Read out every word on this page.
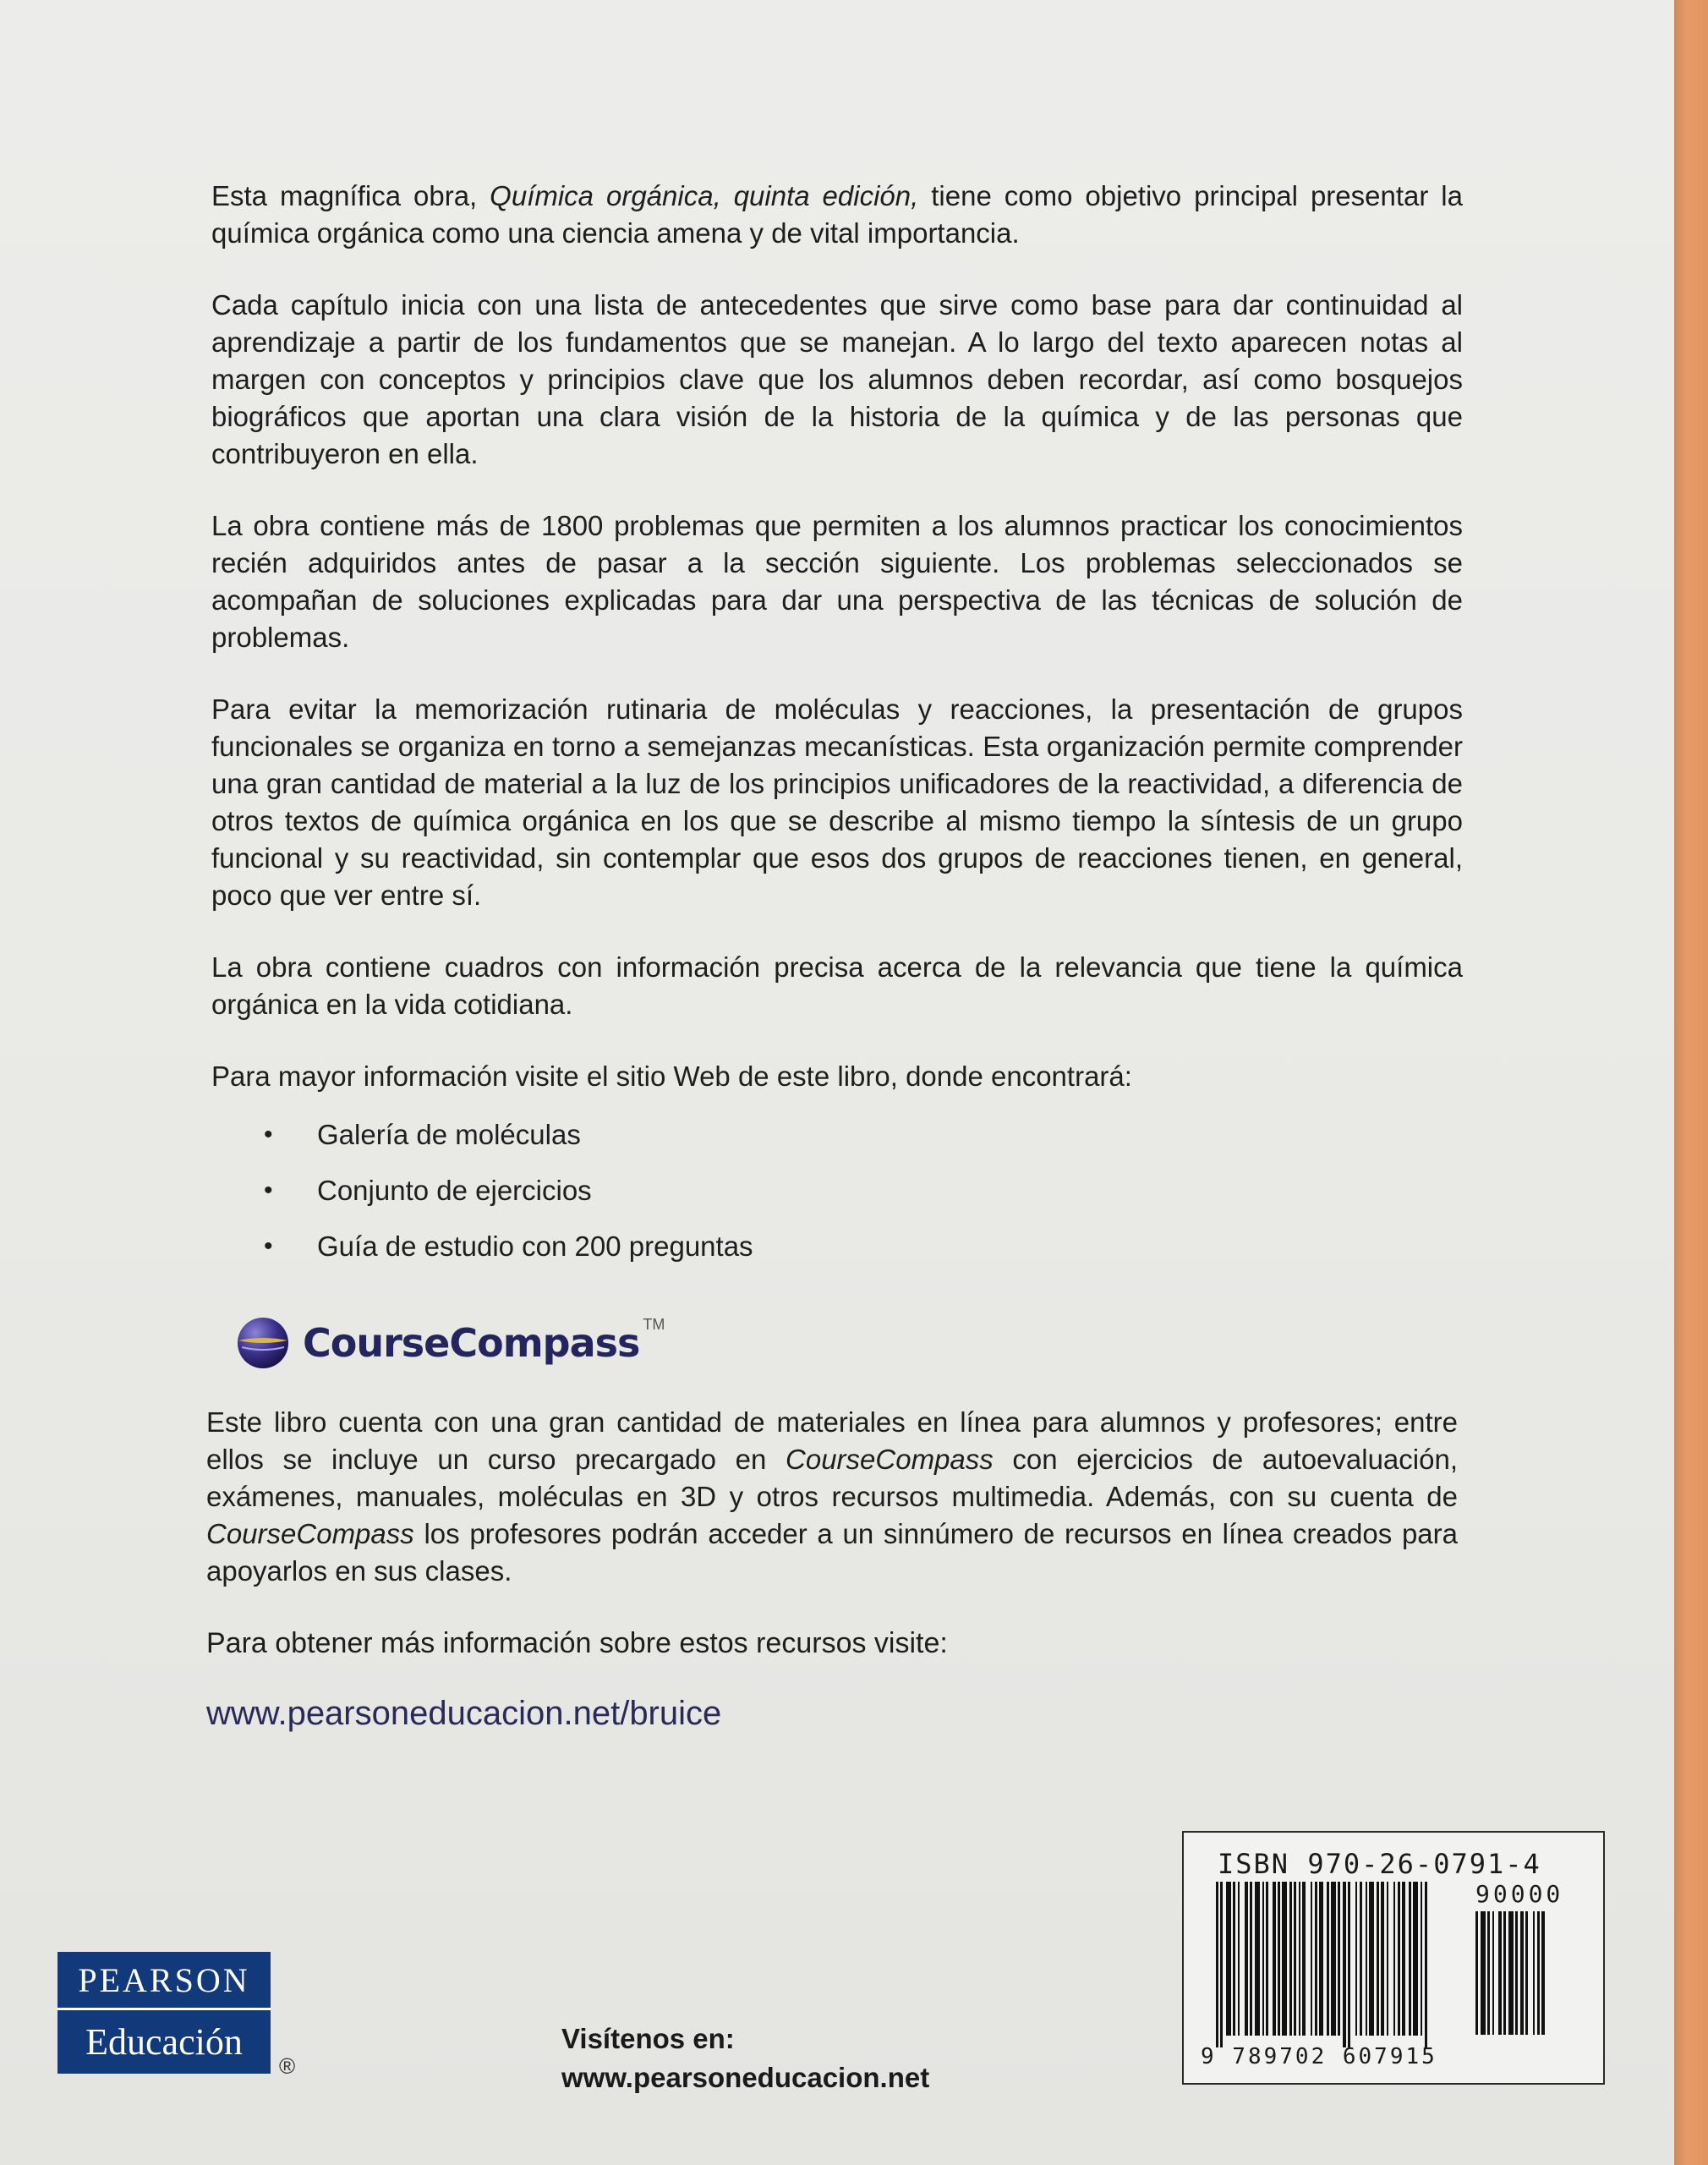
Esta magnífica obra, Química orgánica, quinta edición, tiene como objetivo principal presentar la química orgánica como una ciencia amena y de vital importancia.

Cada capítulo inicia con una lista de antecedentes que sirve como base para dar continuidad al aprendizaje a partir de los fundamentos que se manejan. A lo largo del texto aparecen notas al margen con conceptos y principios clave que los alumnos deben recordar, así como bosquejos biográficos que aportan una clara visión de la historia de la química y de las personas que contribuyeron en ella.

La obra contiene más de 1800 problemas que permiten a los alumnos practicar los conocimientos recién adquiridos antes de pasar a la sección siguiente. Los problemas seleccionados se acompañan de soluciones explicadas para dar una perspectiva de las técnicas de solución de problemas.

Para evitar la memorización rutinaria de moléculas y reacciones, la presentación de grupos funcionales se organiza en torno a semejanzas mecanísticas. Esta organización permite comprender una gran cantidad de material a la luz de los principios unificadores de la reactividad, a diferencia de otros textos de química orgánica en los que se describe al mismo tiempo la síntesis de un grupo funcional y su reactividad, sin contemplar que esos dos grupos de reacciones tienen, en general, poco que ver entre sí.

La obra contiene cuadros con información precisa acerca de la relevancia que tiene la química orgánica en la vida cotidiana.

Para mayor información visite el sitio Web de este libro, donde encontrará:

• Galería de moléculas
• Conjunto de ejercicios
• Guía de estudio con 200 preguntas
CourseCompass TM

Este libro cuenta con una gran cantidad de materiales en línea para alumnos y profesores; entre ellos se incluye un curso precargado en CourseCompass con ejercicios de autoevaluación, exámenes, manuales, moléculas en 3D y otros recursos multimedia. Además, con su cuenta de CourseCompass los profesores podrán acceder a un sinnúmero de recursos en línea creados para apoyarlos en sus clases.

Para obtener más información sobre estos recursos visite:

www.pearsoneducacion.net/bruice
PEARSON
Educación
®
Visítenos en:
www.pearsoneducacion.net
ISBN 970-26-0791-4
90000
9 789702 607915
